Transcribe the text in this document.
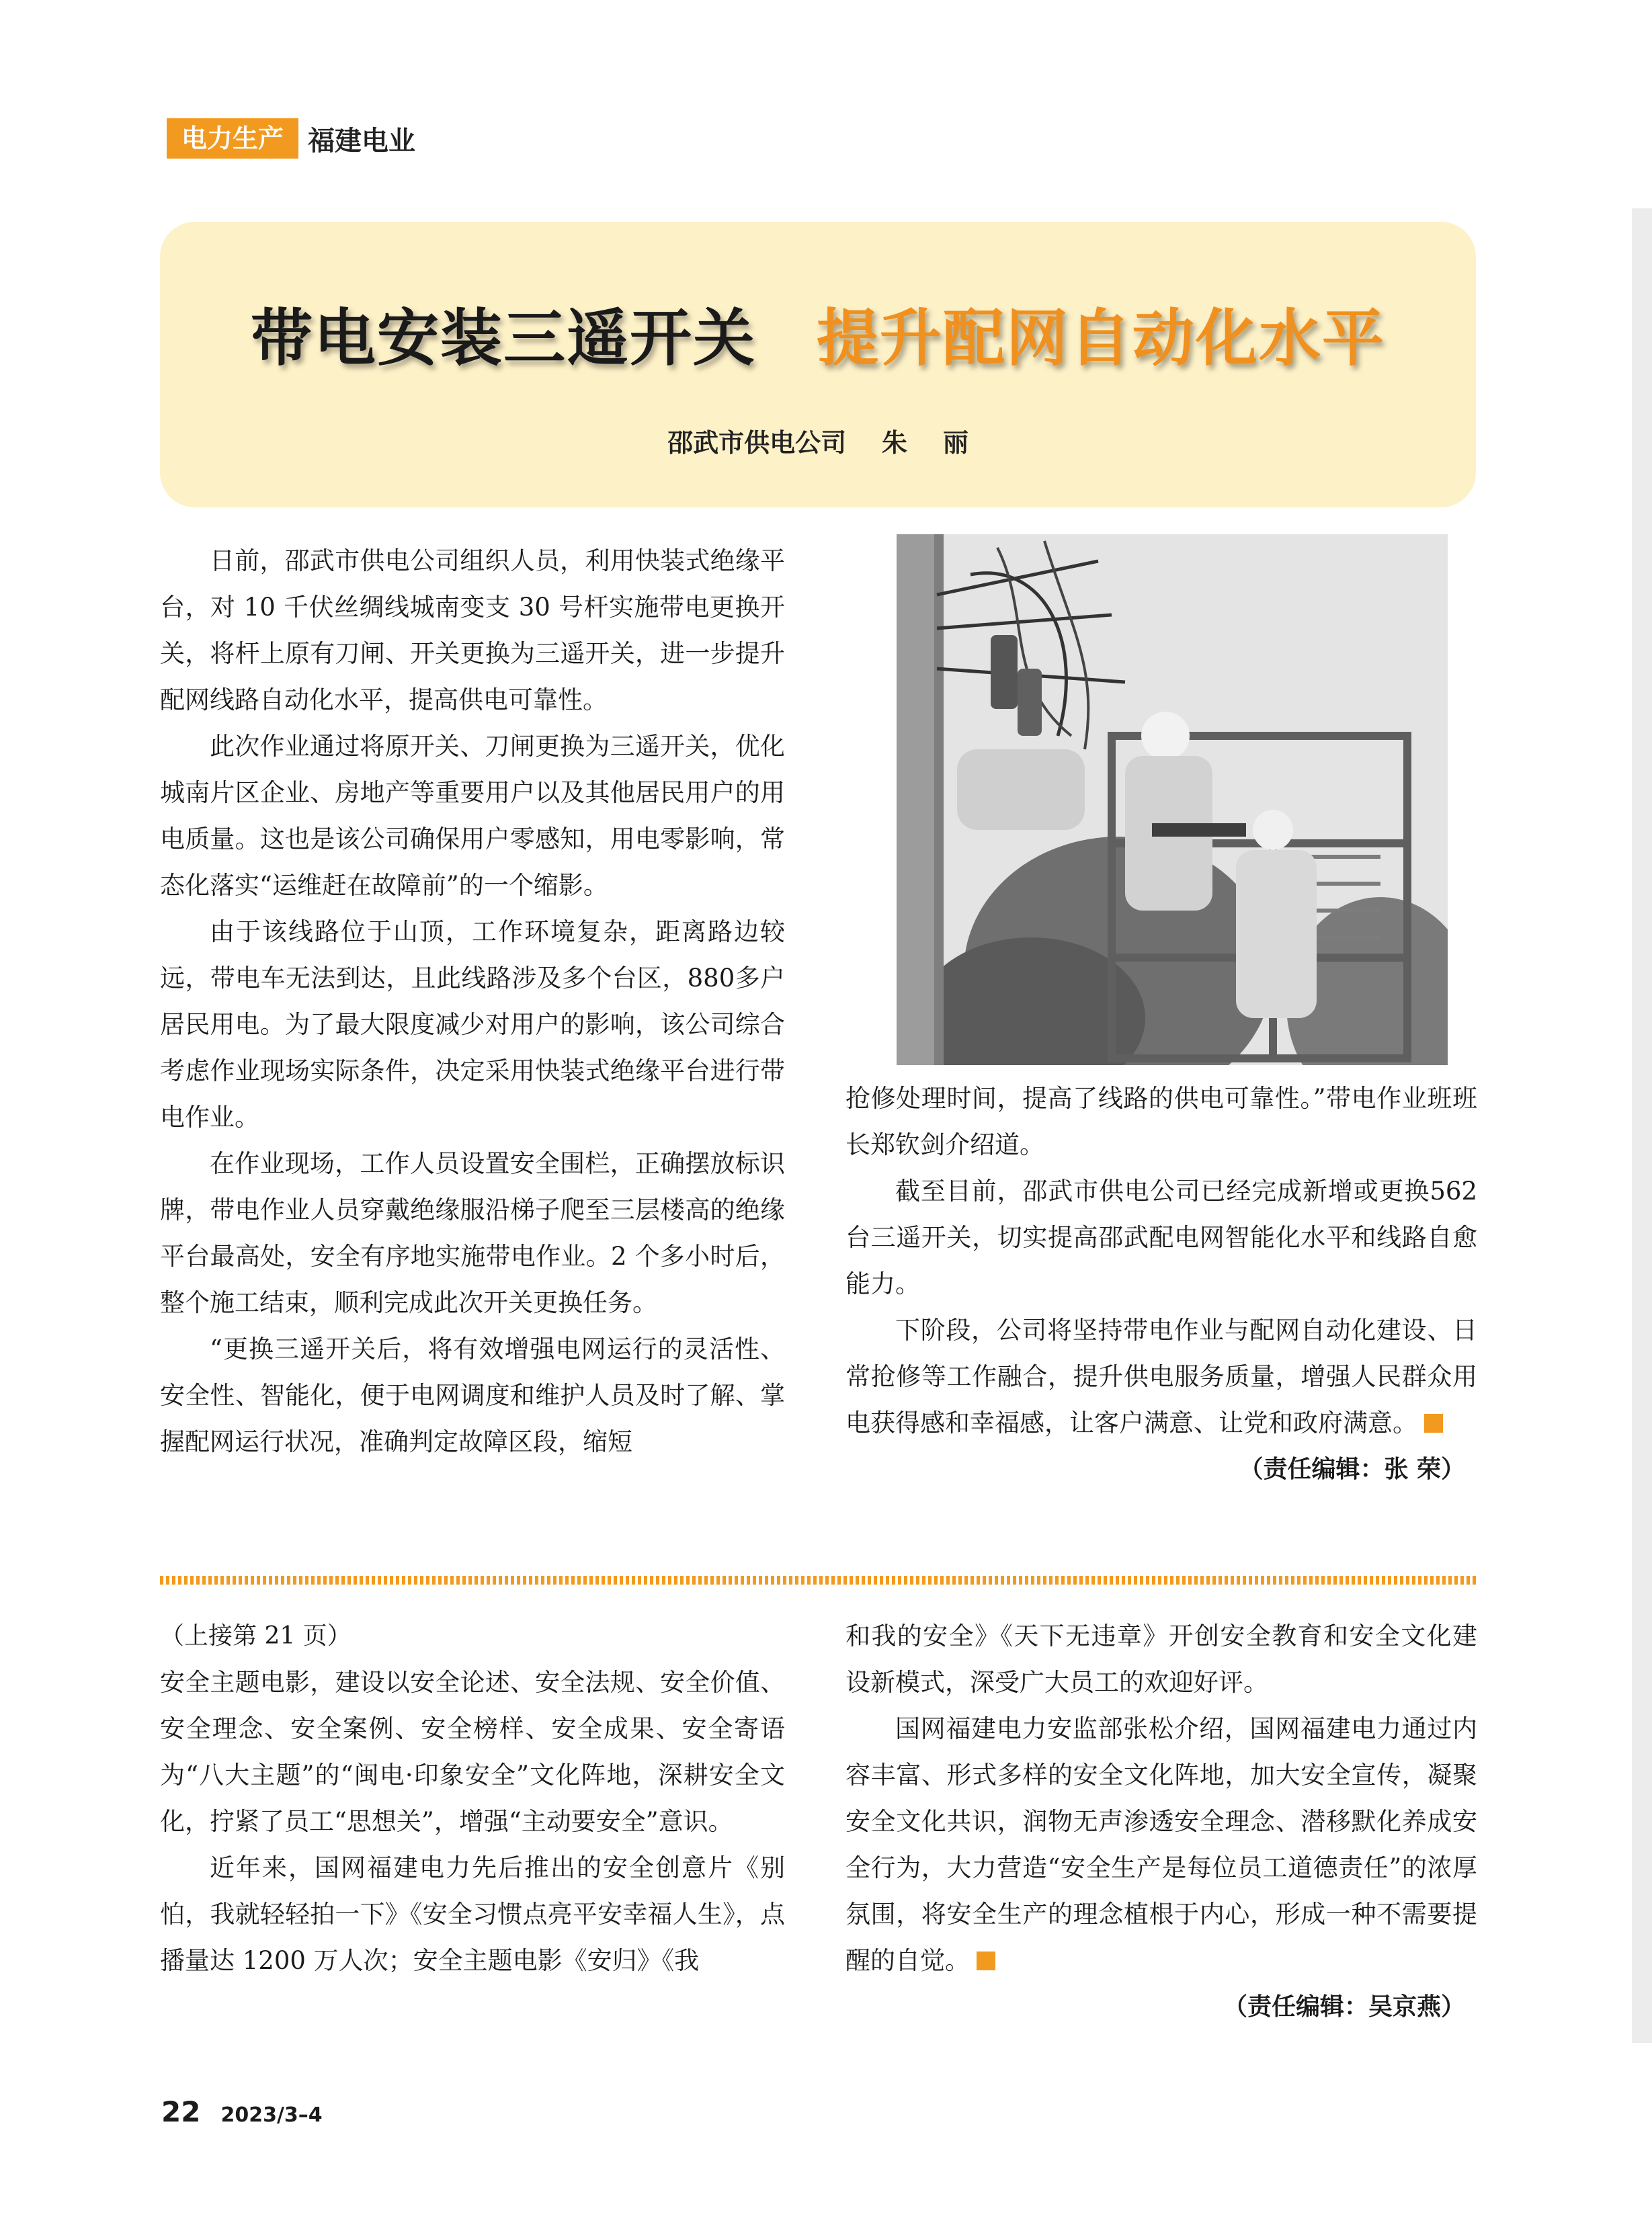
电力生产 福建电业
带电安装三遥开关 提升配网自动化水平
邵武市供电公司    朱    丽

日前，邵武市供电公司组织人员，利用快装式绝缘平台，对 10 千伏丝绸线城南变支 30 号杆实施带电更换开关，将杆上原有刀闸、开关更换为三遥开关，进一步提升配网线路自动化水平，提高供电可靠性。

此次作业通过将原开关、刀闸更换为三遥开关，优化城南片区企业、房地产等重要用户以及其他居民用户的用电质量。这也是该公司确保用户零感知，用电零影响，常态化落实“运维赶在故障前”的一个缩影。

由于该线路位于山顶，工作环境复杂，距离路边较远，带电车无法到达，且此线路涉及多个台区，880多户居民用电。为了最大限度减少对用户的影响，该公司综合考虑作业现场实际条件，决定采用快装式绝缘平台进行带电作业。

在作业现场，工作人员设置安全围栏，正确摆放标识牌，带电作业人员穿戴绝缘服沿梯子爬至三层楼高的绝缘平台最高处，安全有序地实施带电作业。2 个多小时后，整个施工结束，顺利完成此次开关更换任务。

“更换三遥开关后，将有效增强电网运行的灵活性、安全性、智能化，便于电网调度和维护人员及时了解、掌握配网运行状况，准确判定故障区段，缩短

抢修处理时间，提高了线路的供电可靠性。”带电作业班班长郑钦剑介绍道。

截至目前，邵武市供电公司已经完成新增或更换562 台三遥开关，切实提高邵武配电网智能化水平和线路自愈能力。

下阶段，公司将坚持带电作业与配网自动化建设、日常抢修等工作融合，提升供电服务质量，增强人民群众用电获得感和幸福感，让客户满意、让党和政府满意。

（责任编辑：张 荣）

（上接第 21 页）

安全主题电影，建设以安全论述、安全法规、安全价值、安全理念、安全案例、安全榜样、安全成果、安全寄语为“八大主题”的“闽电·印象安全”文化阵地，深耕安全文化，拧紧了员工“思想关”，增强“主动要安全”意识。

近年来，国网福建电力先后推出的安全创意片《别怕，我就轻轻拍一下》《安全习惯点亮平安幸福人生》，点播量达 1200 万人次；安全主题电影《安归》《我

和我的安全》《天下无违章》开创安全教育和安全文化建设新模式，深受广大员工的欢迎好评。

国网福建电力安监部张松介绍，国网福建电力通过内容丰富、形式多样的安全文化阵地，加大安全宣传，凝聚安全文化共识，润物无声渗透安全理念、潜移默化养成安全行为，大力营造“安全生产是每位员工道德责任”的浓厚氛围，将安全生产的理念植根于内心，形成一种不需要提醒的自觉。

（责任编辑：吴京燕）

22 2023/3–4
